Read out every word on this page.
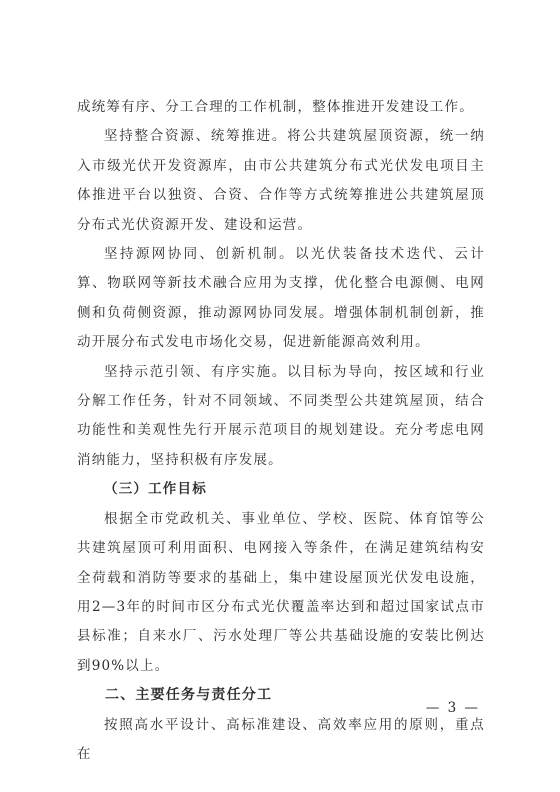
成统筹有序、分工合理的工作机制，整体推进开发建设工作。

坚持整合资源、统筹推进。将公共建筑屋顶资源，统一纳入市级光伏开发资源库，由市公共建筑分布式光伏发电项目主体推进平台以独资、合资、合作等方式统筹推进公共建筑屋顶分布式光伏资源开发、建设和运营。

坚持源网协同、创新机制。以光伏装备技术迭代、云计算、物联网等新技术融合应用为支撑，优化整合电源侧、电网侧和负荷侧资源，推动源网协同发展。增强体制机制创新，推动开展分布式发电市场化交易，促进新能源高效利用。

坚持示范引领、有序实施。以目标为导向，按区域和行业分解工作任务，针对不同领域、不同类型公共建筑屋顶，结合功能性和美观性先行开展示范项目的规划建设。充分考虑电网消纳能力，坚持积极有序发展。

（三）工作目标

根据全市党政机关、事业单位、学校、医院、体育馆等公共建筑屋顶可利用面积、电网接入等条件，在满足建筑结构安全荷载和消防等要求的基础上，集中建设屋顶光伏发电设施，用2—3年的时间市区分布式光伏覆盖率达到和超过国家试点市县标准；自来水厂、污水处理厂等公共基础设施的安装比例达到90%以上。

二、主要任务与责任分工

按照高水平设计、高标准建设、高效率应用的原则，重点在

— 3 —
